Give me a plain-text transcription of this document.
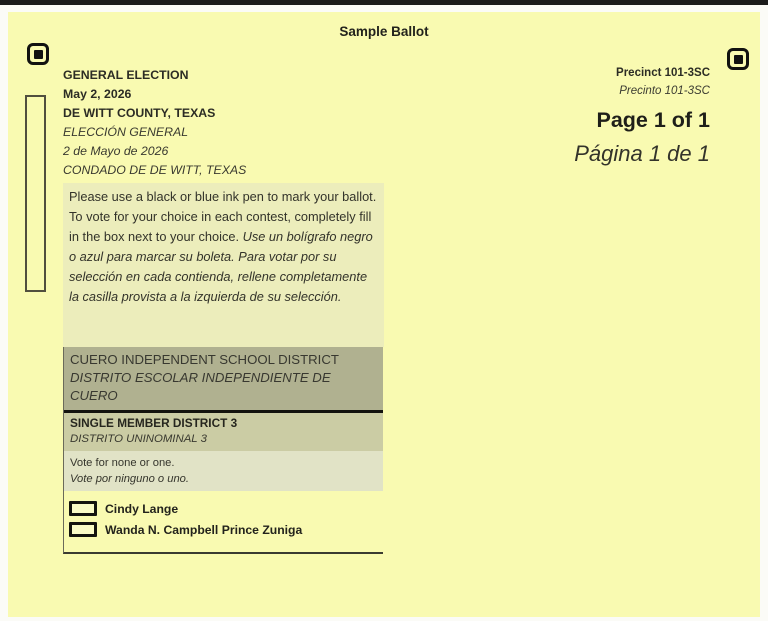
Sample Ballot
GENERAL ELECTION
May 2, 2026
DE WITT COUNTY, TEXAS
ELECCIÓN GENERAL
2 de Mayo de 2026
CONDADO DE DE WITT, TEXAS
Precinct 101-3SC
Precinto 101-3SC
Page 1 of 1
Página 1 de 1
Please use a black or blue ink pen to mark your ballot. To vote for your choice in each contest, completely fill in the box next to your choice. Use un bolígrafo negro o azul para marcar su boleta. Para votar por su selección en cada contienda, rellene completamente la casilla provista a la izquierda de su selección.
CUERO INDEPENDENT SCHOOL DISTRICT DISTRITO ESCOLAR INDEPENDIENTE DE CUERO
SINGLE MEMBER DISTRICT 3
DISTRITO UNINOMINAL 3
Vote for none or one.
Vote por ninguno o uno.
Cindy Lange
Wanda N. Campbell Prince Zuniga
